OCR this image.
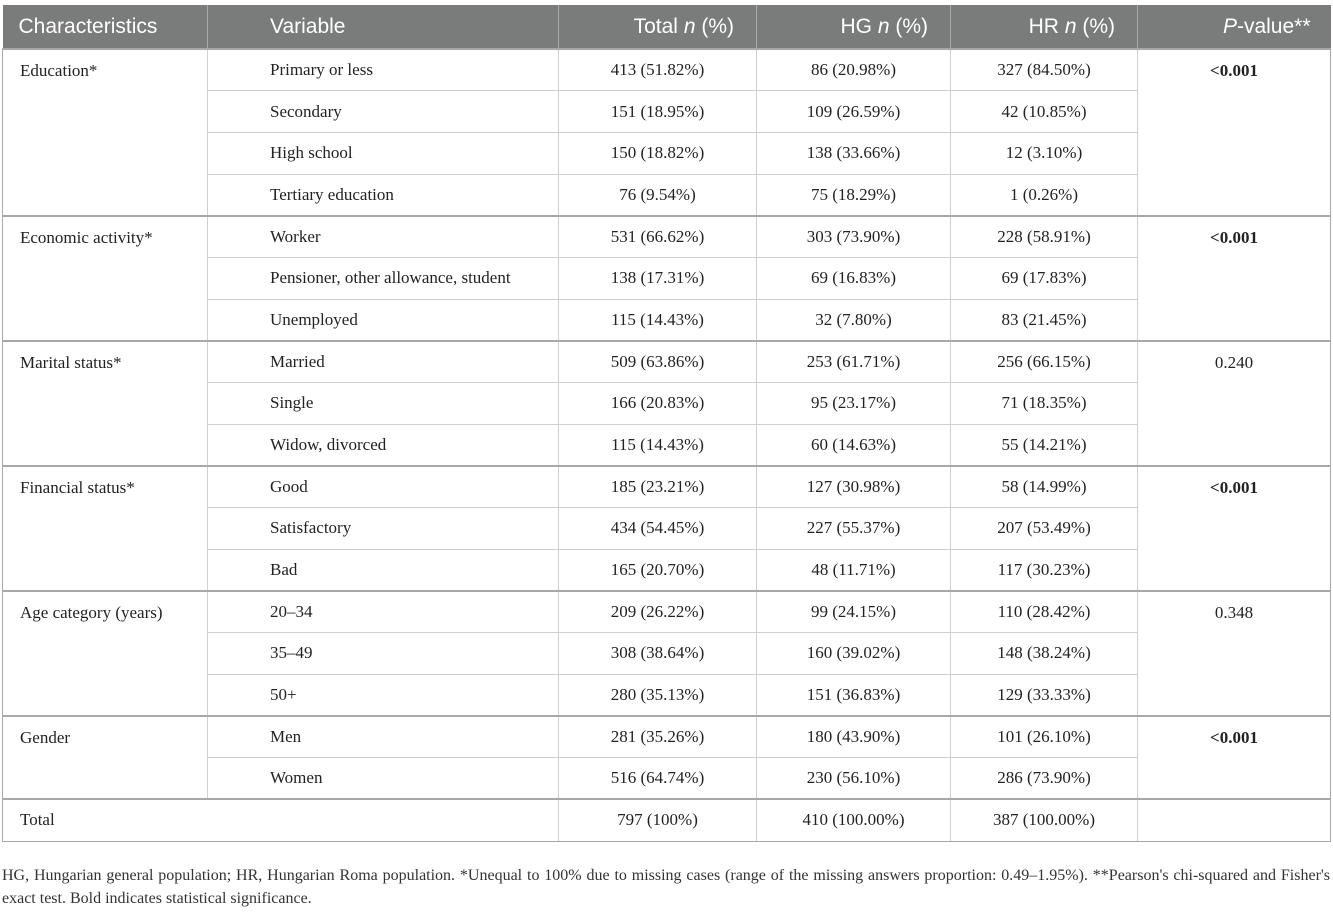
Characteristics	Variable	Total n (%)	HG n (%)	HR n (%)	P-value**
Education*	Primary or less	413 (51.82%)	86 (20.98%)	327 (84.50%)	<0.001
	Secondary	151 (18.95%)	109 (26.59%)	42 (10.85%)	
	High school	150 (18.82%)	138 (33.66%)	12 (3.10%)	
	Tertiary education	76 (9.54%)	75 (18.29%)	1 (0.26%)	
Economic activity*	Worker	531 (66.62%)	303 (73.90%)	228 (58.91%)	<0.001
	Pensioner, other allowance, student	138 (17.31%)	69 (16.83%)	69 (17.83%)	
	Unemployed	115 (14.43%)	32 (7.80%)	83 (21.45%)	
Marital status*	Married	509 (63.86%)	253 (61.71%)	256 (66.15%)	0.240
	Single	166 (20.83%)	95 (23.17%)	71 (18.35%)	
	Widow, divorced	115 (14.43%)	60 (14.63%)	55 (14.21%)	
Financial status*	Good	185 (23.21%)	127 (30.98%)	58 (14.99%)	<0.001
	Satisfactory	434 (54.45%)	227 (55.37%)	207 (53.49%)	
	Bad	165 (20.70%)	48 (11.71%)	117 (30.23%)	
Age category (years)	20–34	209 (26.22%)	99 (24.15%)	110 (28.42%)	0.348
	35–49	308 (38.64%)	160 (39.02%)	148 (38.24%)	
	50+	280 (35.13%)	151 (36.83%)	129 (33.33%)	
Gender	Men	281 (35.26%)	180 (43.90%)	101 (26.10%)	<0.001
	Women	516 (64.74%)	230 (56.10%)	286 (73.90%)	
Total		797 (100%)	410 (100.00%)	387 (100.00%)	
HG, Hungarian general population; HR, Hungarian Roma population. *Unequal to 100% due to missing cases (range of the missing answers proportion: 0.49–1.95%). **Pearson's chi-squared and Fisher's exact test. Bold indicates statistical significance.
